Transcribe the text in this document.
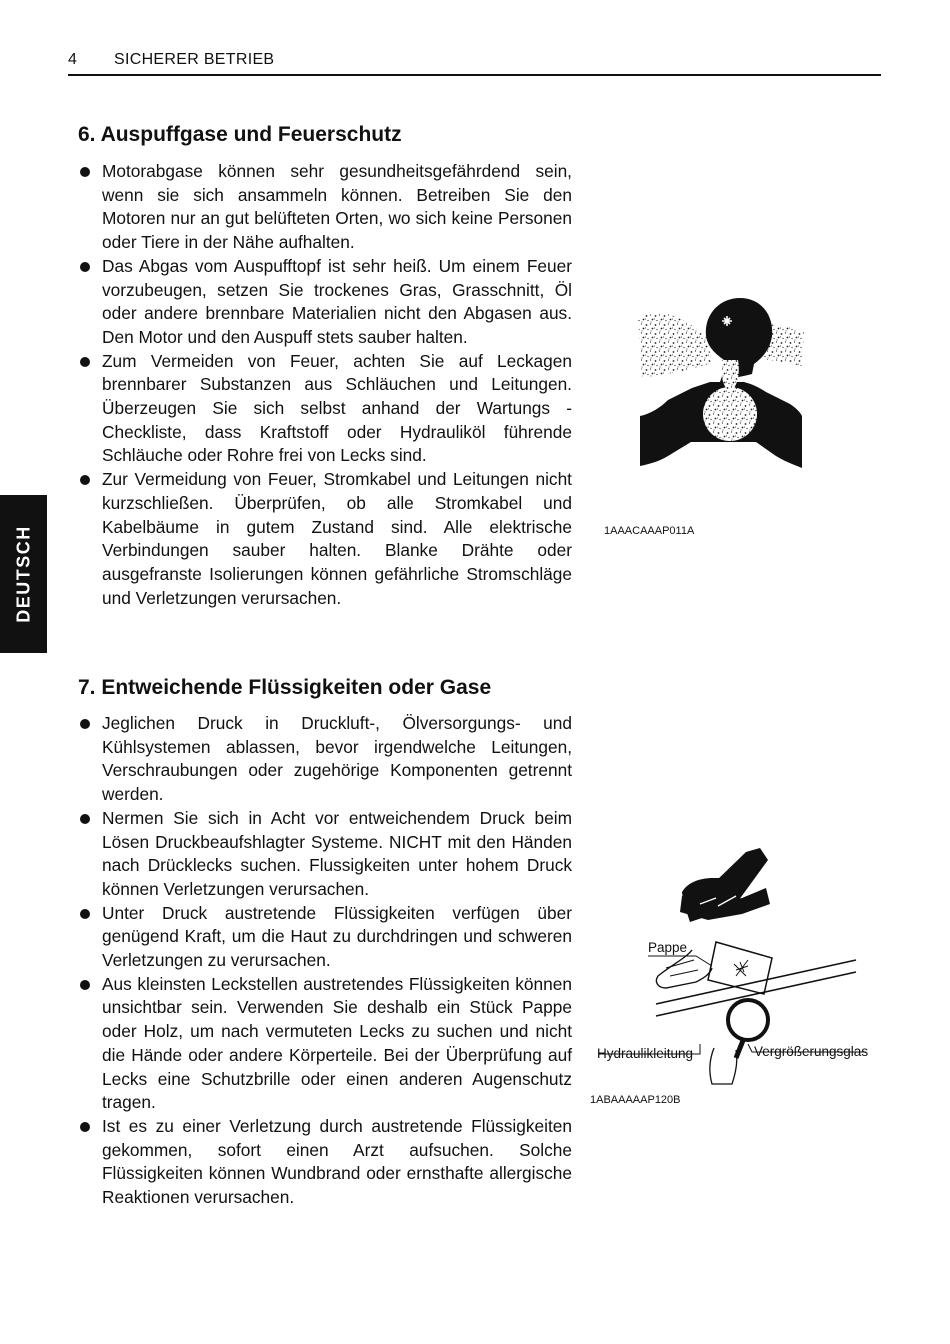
4 SICHERER BETRIEB
DEUTSCH
6. Auspuffgase und Feuerschutz
Motorabgase können sehr gesundheitsgefährdend sein, wenn sie sich ansammeln können. Betreiben Sie den Motoren nur an gut belüfteten Orten, wo sich keine Personen oder Tiere in der Nähe aufhalten.
Das Abgas vom Auspufftopf ist sehr heiß. Um einem Feuer vorzubeugen, setzen Sie trockenes Gras, Grasschnitt, Öl oder andere brennbare Materialien nicht den Abgasen aus. Den Motor und den Auspuff stets sauber halten.
Zum Vermeiden von Feuer, achten Sie auf Leckagen brennbarer Substanzen aus Schläuchen und Leitungen. Überzeugen Sie sich selbst anhand der Wartungs - Checkliste, dass Kraftstoff oder Hydrauliköl führende Schläuche oder Rohre frei von Lecks sind.
Zur Vermeidung von Feuer, Stromkabel und Leitungen nicht kurzschließen. Überprüfen, ob alle Stromkabel und Kabelbäume in gutem Zustand sind. Alle elektrische Verbindungen sauber halten. Blanke Drähte oder ausgefranste Isolierungen können gefährliche Stromschläge und Verletzungen verursachen.
1AAACAAAP011A
7. Entweichende Flüssigkeiten oder Gase
Jeglichen Druck in Druckluft-, Ölversorgungs- und Kühlsystemen ablassen, bevor irgendwelche Leitungen, Verschraubungen oder zugehörige Komponenten getrennt werden.
Nermen Sie sich in Acht vor entweichendem Druck beim Lösen Druckbeaufshlagter Systeme. NICHT mit den Händen nach Drücklecks suchen. Flussigkeiten unter hohem Druck können Verletzungen verursachen.
Unter Druck austretende Flüssigkeiten verfügen über genügend Kraft, um die Haut zu durchdringen und schweren Verletzungen zu verursachen.
Aus kleinsten Leckstellen austretendes Flüssigkeiten können unsichtbar sein. Verwenden Sie deshalb ein Stück Pappe oder Holz, um nach vermuteten Lecks zu suchen und nicht die Hände oder andere Körperteile. Bei der Überprüfung auf Lecks eine Schutzbrille oder einen anderen Augenschutz tragen.
Ist es zu einer Verletzung durch austretende Flüssigkeiten gekommen, sofort einen Arzt aufsuchen. Solche Flüssigkeiten können Wundbrand oder ernsthafte allergische Reaktionen verursachen.
Pappe
Hydraulikleitung	Vergrößerungsglas
1ABAAAAAP120B
